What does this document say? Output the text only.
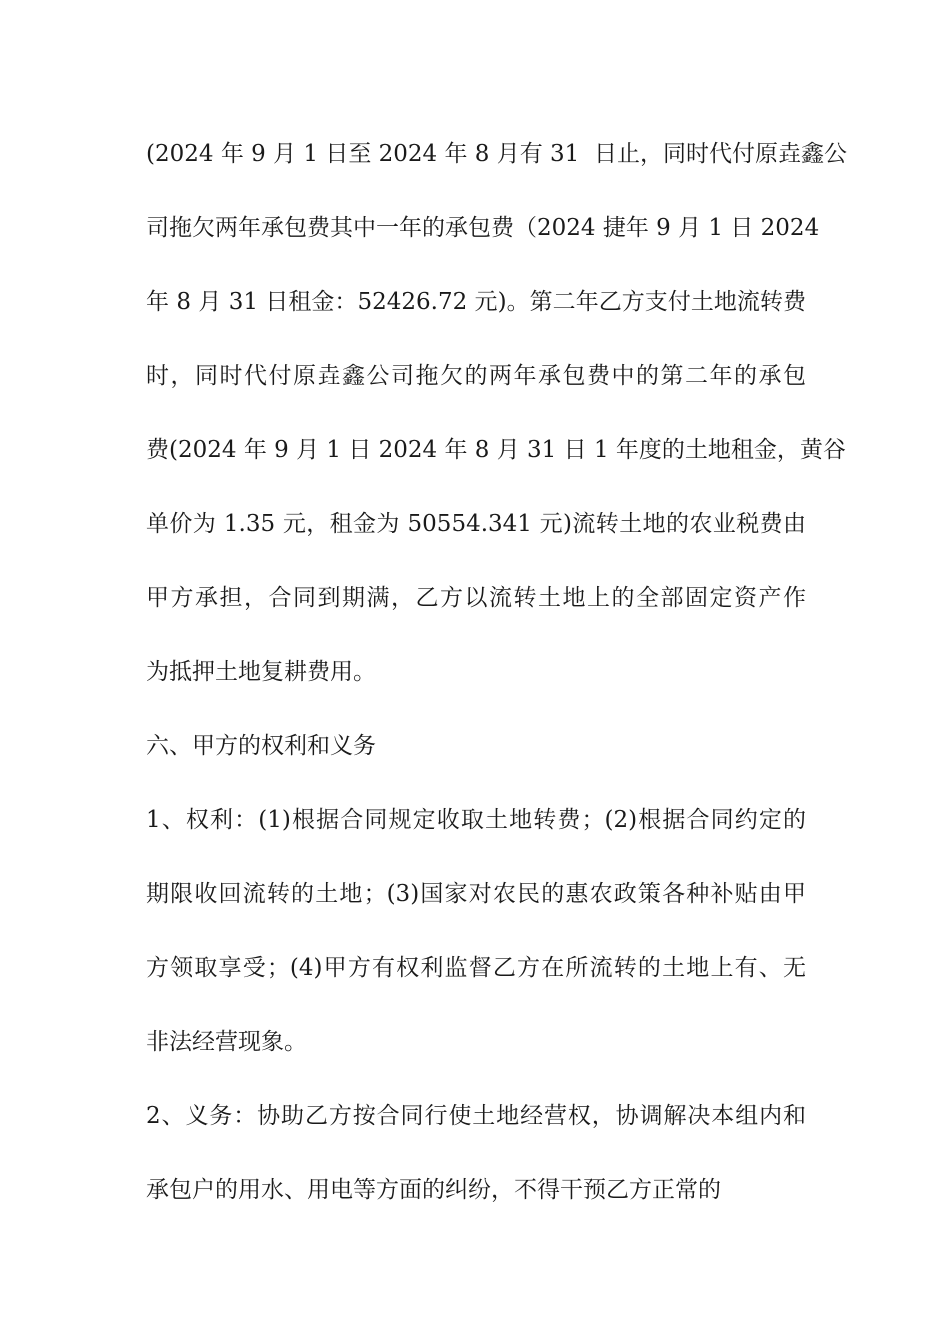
(2024 年 9 月 1 日至 2024 年 8 月有 31  日止，同时代付原垚鑫公
司拖欠两年承包费其中一年的承包费（2024 捷年 9 月 1 日 2024
年 8 月 31 日租金：52426.72 元)。第二年乙方支付土地流转费
时，同时代付原垚鑫公司拖欠的两年承包费中的第二年的承包
费(2024 年 9 月 1 日 2024 年 8 月 31 日 1 年度的土地租金，黄谷
单价为 1.35 元，租金为 50554.341 元)流转土地的农业税费由
甲方承担，合同到期满，乙方以流转土地上的全部固定资产作
为抵押土地复耕费用。
六、甲方的权利和义务
1、权利：(1)根据合同规定收取土地转费；(2)根据合同约定的
期限收回流转的土地；(3)国家对农民的惠农政策各种补贴由甲
方领取享受；(4)甲方有权利监督乙方在所流转的土地上有、无
非法经营现象。
2、义务：协助乙方按合同行使土地经营权，协调解决本组内和
承包户的用水、用电等方面的纠纷，不得干预乙方正常的
